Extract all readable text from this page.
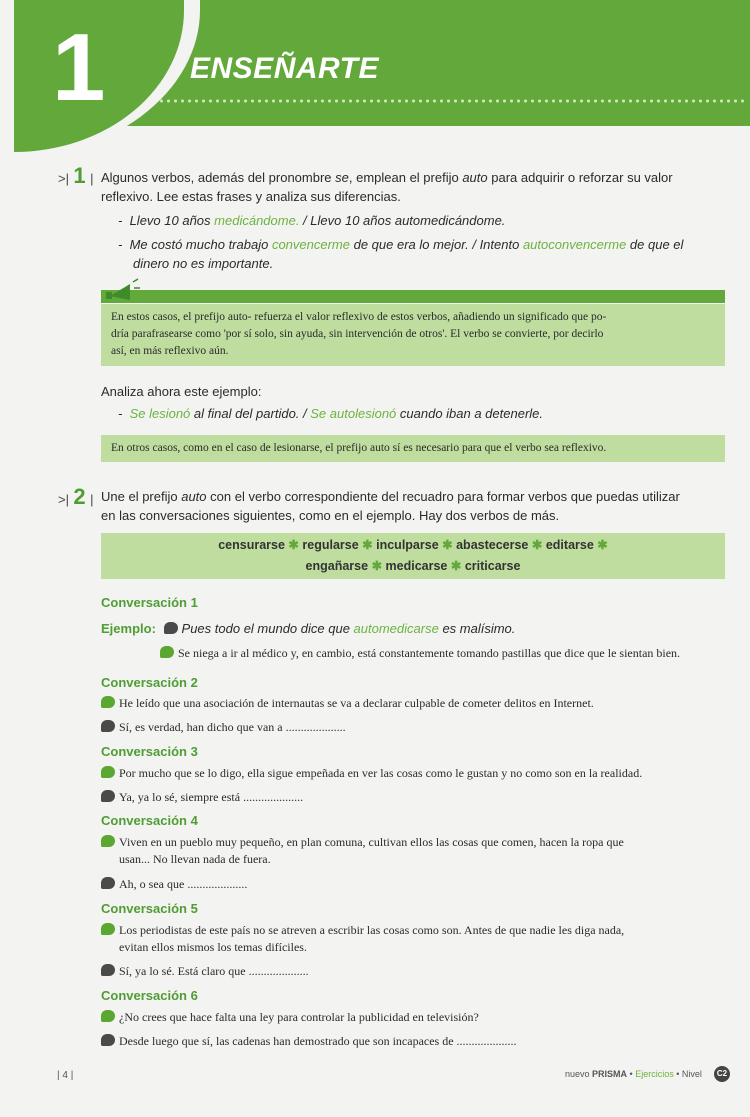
1	ENSEÑARTE
>| 1 | Algunos verbos, además del pronombre se, emplean el prefijo auto para adquirir o reforzar su valor
reflexivo. Lee estas frases y analiza sus diferencias.
- Llevo 10 años medicándome. / Llevo 10 años automedicándome.
- Me costó mucho trabajo convencerme de que era lo mejor. / Intento autoconvencerme de que el
dinero no es importante.
En estos casos, el prefijo auto- refuerza el valor reflexivo de estos verbos, añadiendo un significado que po-
dría parafrasearse como 'por sí solo, sin ayuda, sin intervención de otros'. El verbo se convierte, por decirlo
así, en más reflexivo aún.
Analiza ahora este ejemplo:
- Se lesionó al final del partido. / Se autolesionó cuando iban a detenerle.
En otros casos, como en el caso de lesionarse, el prefijo auto sí es necesario para que el verbo sea reflexivo.
>| 2 | Une el prefijo auto con el verbo correspondiente del recuadro para formar verbos que puedas utilizar
en las conversaciones siguientes, como en el ejemplo. Hay dos verbos de más.
censurarse ✱ regularse ✱ inculparse ✱ abastecerse ✱ editarse ✱
engañarse ✱ medicarse ✱ criticarse
Conversación 1
Ejemplo: Pues todo el mundo dice que automedicarse es malísimo.
Se niega a ir al médico y, en cambio, está constantemente tomando pastillas que dice que le sientan bien.
Conversación 2
He leído que una asociación de internautas se va a declarar culpable de cometer delitos en Internet.
Sí, es verdad, han dicho que van a ....................
Conversación 3
Por mucho que se lo digo, ella sigue empeñada en ver las cosas como le gustan y no como son en la realidad.
Ya, ya lo sé, siempre está ....................
Conversación 4
Viven en un pueblo muy pequeño, en plan comuna, cultivan ellos las cosas que comen, hacen la ropa que
usan... No llevan nada de fuera.
Ah, o sea que ....................
Conversación 5
Los periodistas de este país no se atreven a escribir las cosas como son. Antes de que nadie les diga nada,
evitan ellos mismos los temas difíciles.
Sí, ya lo sé. Está claro que ....................
Conversación 6
¿No crees que hace falta una ley para controlar la publicidad en televisión?
Desde luego que sí, las cadenas han demostrado que son incapaces de ....................
| 4 |	nuevo PRISMA • Ejercicios • Nivel	C2
